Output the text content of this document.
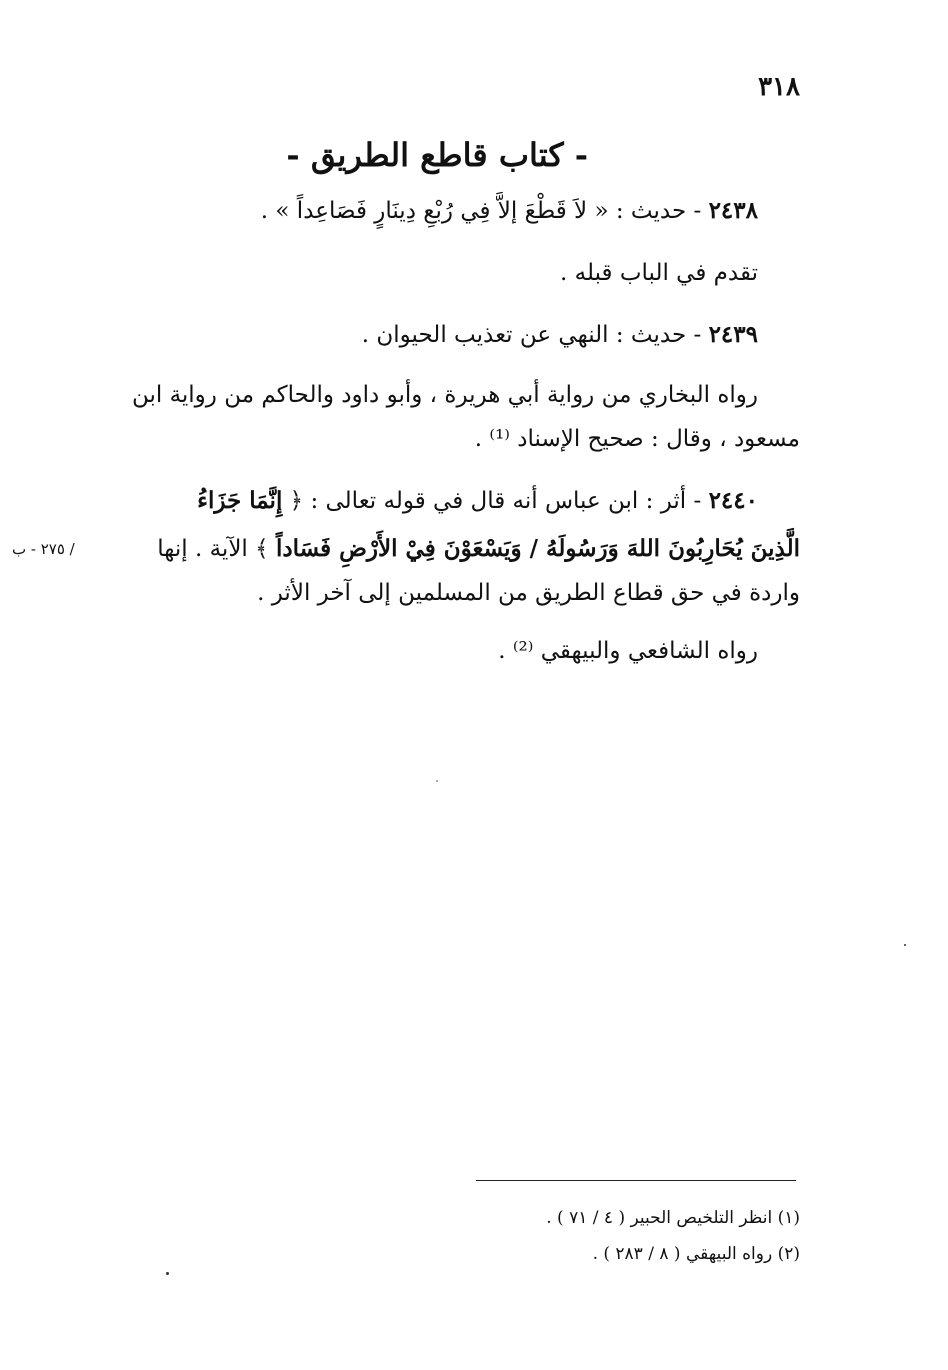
٣١٨
- كتاب قاطع الطريق -
٢٤٣٨ - حديث : « لاَ قَطْعَ إلاَّ فِي رُبْعِ دِينَارٍ فَصَاعِداً » .
تقدم في الباب قبله .
٢٤٣٩ - حديث : النهي عن تعذيب الحيوان .
رواه البخاري من رواية أبي هريرة ، وأبو داود والحاكم من رواية ابن
مسعود ، وقال : صحيح الإسناد ⁽¹⁾ .
٢٤٤٠ - أثر : ابن عباس أنه قال في قوله تعالى : ﴿ إِنَّمَا جَزَاءُ
الَّذِينَ يُحَارِبُونَ اللهَ وَرَسُولَهُ / وَيَسْعَوْنَ فِيْ الأَرْضِ فَسَاداً ﴾ الآية . إنها
واردة في حق قطاع الطريق من المسلمين إلى آخر الأثر .
رواه الشافعي والبيهقي ⁽²⁾ .
/ ٢٧٥ - ب
(١) انظر التلخيص الحبير ( ٤ / ٧١ ) .
(٢) رواه البيهقي ( ٨ / ٢٨٣ ) .
